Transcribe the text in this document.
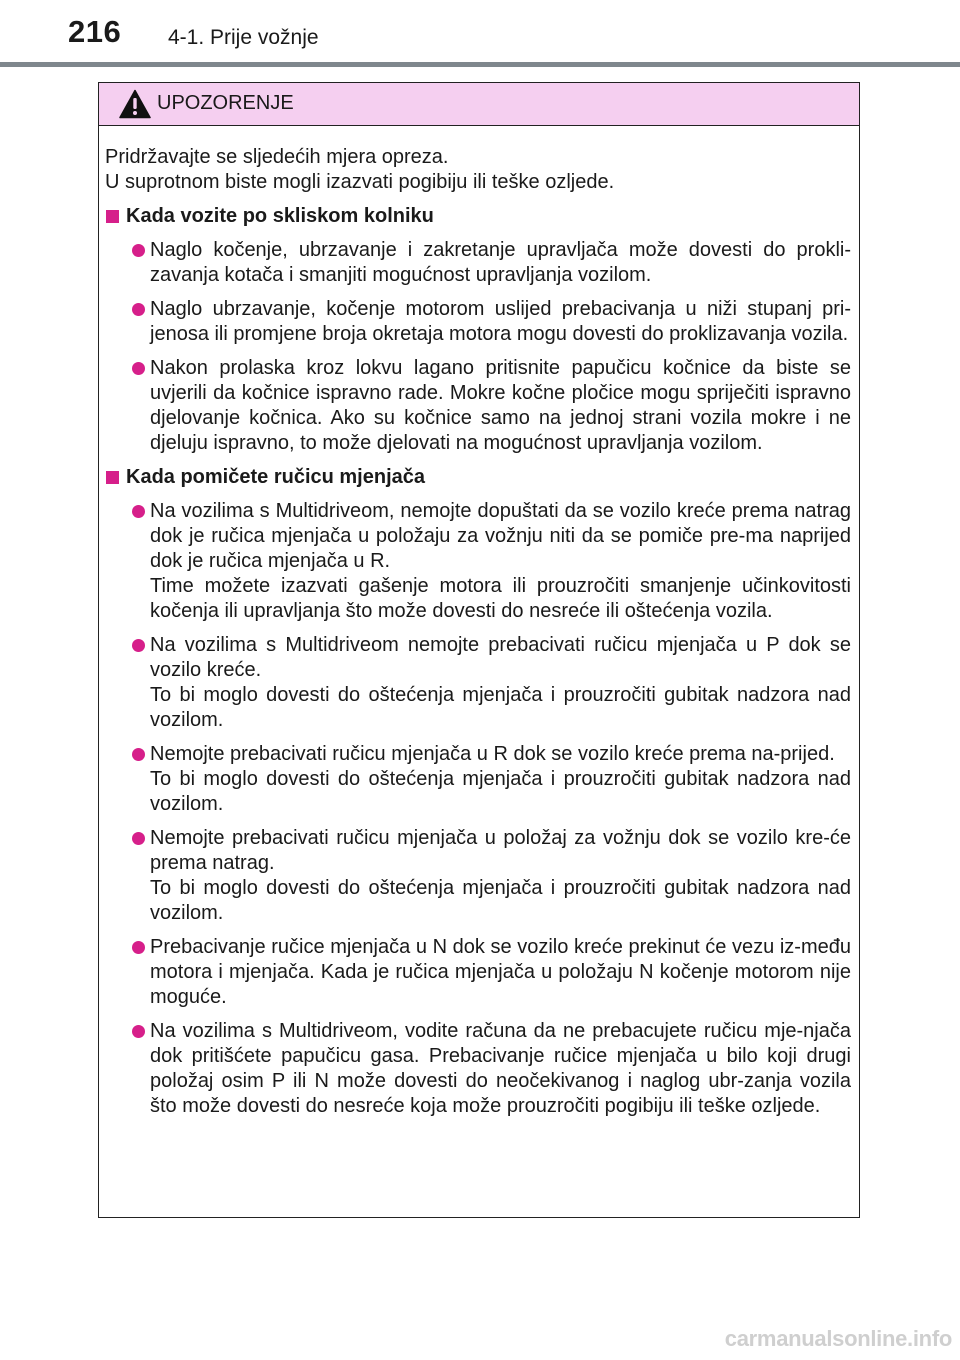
216 4-1. Prije vožnje
UPOZORENJE

Pridržavajte se sljedećih mjera opreza.

U suprotnom biste mogli izazvati pogibiju ili teške ozljede.

Kada vozite po skliskom kolniku

Naglo kočenje, ubrzavanje i zakretanje upravljača može dovesti do prokli-zavanja kotača i smanjiti mogućnost upravljanja vozilom.

Naglo ubrzavanje, kočenje motorom uslijed prebacivanja u niži stupanj pri-jenosa ili promjene broja okretaja motora mogu dovesti do proklizavanja vozila.

Nakon prolaska kroz lokvu lagano pritisnite papučicu kočnice da biste se uvjerili da kočnice ispravno rade. Mokre kočne pločice mogu spriječiti ispravno djelovanje kočnica. Ako su kočnice samo na jednoj strani vozila mokre i ne djeluju ispravno, to može djelovati na mogućnost upravljanja vozilom.

Kada pomičete ručicu mjenjača

Na vozilima s Multidriveom, nemojte dopuštati da se vozilo kreće prema natrag dok je ručica mjenjača u položaju za vožnju niti da se pomiče pre-ma naprijed dok je ručica mjenjača u R.

Time možete izazvati gašenje motora ili prouzročiti smanjenje učinkovitosti kočenja ili upravljanja što može dovesti do nesreće ili oštećenja vozila.

Na vozilima s Multidriveom nemojte prebacivati ručicu mjenjača u P dok se vozilo kreće.

To bi moglo dovesti do oštećenja mjenjača i prouzročiti gubitak nadzora nad vozilom.

Nemojte prebacivati ručicu mjenjača u R dok se vozilo kreće prema na-prijed.

To bi moglo dovesti do oštećenja mjenjača i prouzročiti gubitak nadzora nad vozilom.

Nemojte prebacivati ručicu mjenjača u položaj za vožnju dok se vozilo kre-će prema natrag.

To bi moglo dovesti do oštećenja mjenjača i prouzročiti gubitak nadzora nad vozilom.

Prebacivanje ručice mjenjača u N dok se vozilo kreće prekinut će vezu iz-među motora i mjenjača. Kada je ručica mjenjača u položaju N kočenje motorom nije moguće.

Na vozilima s Multidriveom, vodite računa da ne prebacujete ručicu mje-njača dok pritišćete papučicu gasa. Prebacivanje ručice mjenjača u bilo koji drugi položaj osim P ili N može dovesti do neočekivanog i naglog ubr-zanja vozila što može dovesti do nesreće koja može prouzročiti pogibiju ili teške ozljede.

carmanualsonline.info
